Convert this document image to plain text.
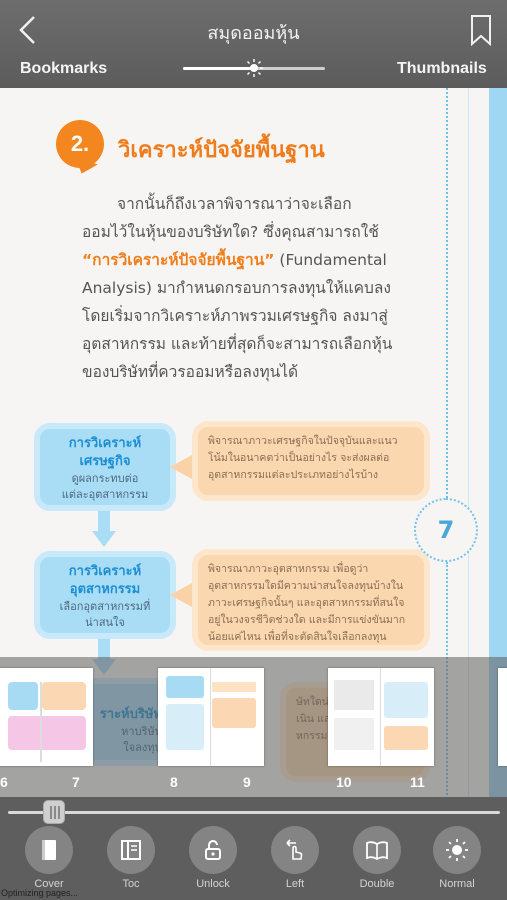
2.	วิเคราะห์ปัจจัยพื้นฐาน
จากนั้นก็ถึงเวลาพิจารณาว่าจะเลือก
ออมไว้ในหุ้นของบริษัทใด? ซึ่งคุณสามารถใช้
“การวิเคราะห์ปัจจัยพื้นฐาน” (Fundamental
Analysis) มากำหนดกรอบการลงทุนให้แคบลง
โดยเริ่มจากวิเคราะห์ภาพรวมเศรษฐกิจ ลงมาสู่
อุตสาหกรรม และท้ายที่สุดก็จะสามารถเลือกหุ้น
ของบริษัทที่ควรออมหรือลงทุนได้
การวิเคราะห์เศรษฐกิจ
ดูผลกระทบต่อแต่ละอุตสาหกรรม
พิจารณาภาวะเศรษฐกิจในปัจจุบันและแนวโน้มในอนาคตว่าเป็นอย่างไร จะส่งผลต่ออุตสาหกรรมแต่ละประเภทอย่างไรบ้าง
การวิเคราะห์อุตสาหกรรม
เลือกอุตสาหกรรมที่น่าสนใจ
พิจารณาภาวะอุตสาหกรรม เพื่อดูว่าอุตสาหกรรมใดมีความน่าสนใจลงทุนบ้างในภาวะเศรษฐกิจนั้นๆ และอุตสาหกรรมที่สนใจอยู่ในวงจรชีวิตช่วงใด และมีการแข่งขันมากน้อยแค่ไหน เพื่อที่จะตัดสินใจเลือกลงทุน
7
สมุดออมหุ้น
Bookmarks	Thumbnails
6	7	8	9	10	11
Cover	Toc	Unlock	Left	Double	Normal
Optimizing pages...
